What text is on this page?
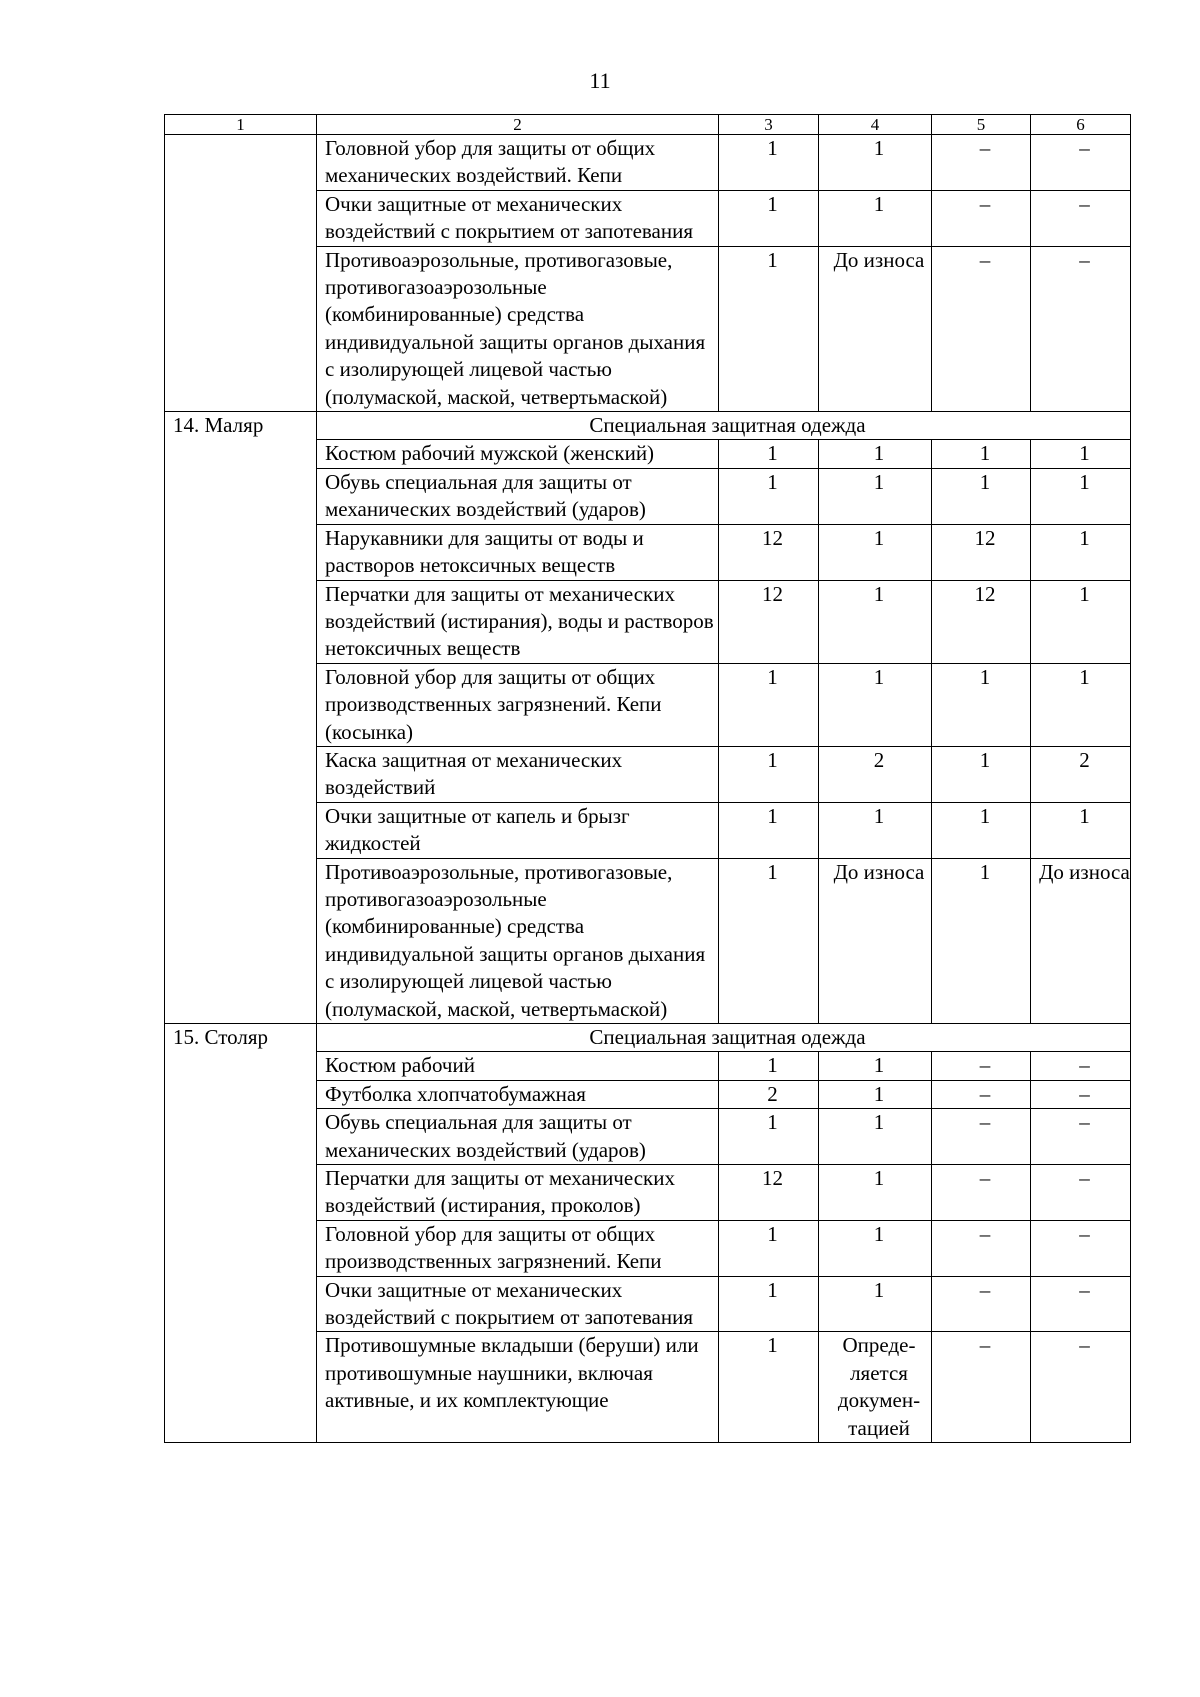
11
1	2	3	4	5	6
	Головной убор для защиты от общих механических воздействий. Кепи	1	1	–	–
	Очки защитные от механических воздействий с покрытием от запотевания	1	1	–	–
	Противоаэрозольные, противогазовые, противогазоаэрозольные (комбинированные) средства индивидуальной защиты органов дыхания с изолирующей лицевой частью (полумаской, маской, четвертьмаской)	1	До износа	–	–
14. Маляр	Специальная защитная одежда				
	Костюм рабочий мужской (женский)	1	1	1	1
	Обувь специальная для защиты от механических воздействий (ударов)	1	1	1	1
	Нарукавники для защиты от воды и растворов нетоксичных веществ	12	1	12	1
	Перчатки для защиты от механических воздействий (истирания), воды и растворов нетоксичных веществ	12	1	12	1
	Головной убор для защиты от общих производственных загрязнений. Кепи (косынка)	1	1	1	1
	Каска защитная от механических воздействий	1	2	1	2
	Очки защитные от капель и брызг жидкостей	1	1	1	1
	Противоаэрозольные, противогазовые, противогазоаэрозольные (комбинированные) средства индивидуальной защиты органов дыхания с изолирующей лицевой частью (полумаской, маской, четвертьмаской)	1	До износа	1	До износа
15. Столяр	Специальная защитная одежда				
	Костюм рабочий	1	1	–	–
	Футболка хлопчатобумажная	2	1	–	–
	Обувь специальная для защиты от механических воздействий (ударов)	1	1	–	–
	Перчатки для защиты от механических воздействий (истирания, проколов)	12	1	–	–
	Головной убор для защиты от общих производственных загрязнений. Кепи	1	1	–	–
	Очки защитные от механических воздействий с покрытием от запотевания	1	1	–	–
	Противошумные вкладыши (беруши) или противошумные наушники, включая активные, и их комплектующие	1	Опреде-ляется докумен-тацией	–	–
